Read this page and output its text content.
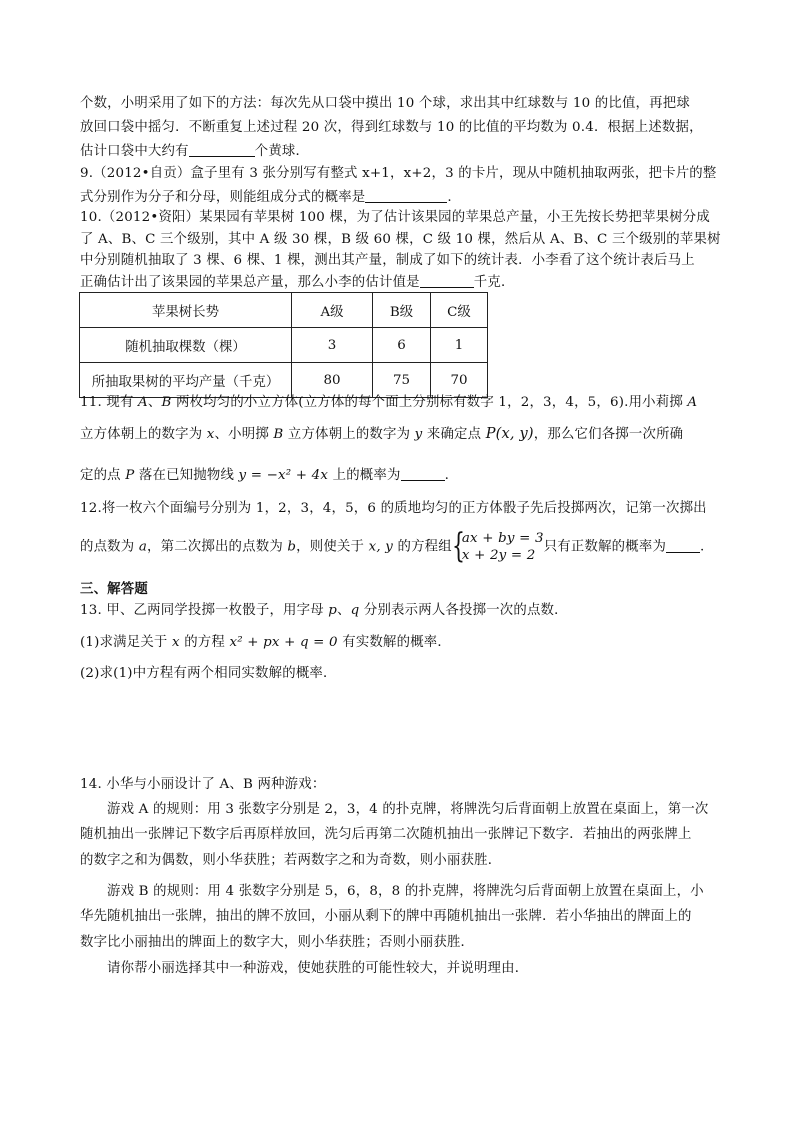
个数，小明采用了如下的方法：每次先从口袋中摸出 10 个球，求出其中红球数与 10 的比值，再把球
放回口袋中摇匀．不断重复上述过程 20 次，得到红球数与 10 的比值的平均数为 0.4．根据上述数据，
估计口袋中大约有	个黄球．
9.（2012•自贡）盒子里有 3 张分别写有整式 x+1，x+2，3 的卡片，现从中随机抽取两张，把卡片的整
式分别作为分子和分母，则能组成分式的概率是	.
10.（2012•资阳）某果园有苹果树 100 棵，为了估计该果园的苹果总产量，小王先按长势把苹果树分成
了 A、B、C 三个级别，其中 A 级 30 棵，B 级 60 棵，C 级 10 棵，然后从 A、B、C 三个级别的苹果树
中分别随机抽取了 3 棵、6 棵、1 棵，测出其产量，制成了如下的统计表．小李看了这个统计表后马上
苹果树长势	A级	B级	C级
随机抽取棵数（棵）	3	6	1
所抽取果树的平均产量（千克）	80	75	70
11. 现有 A、B 两枚均匀的小立方体(立方体的每个面上分别标有数字 1，2，3，4，5，6).用小莉掷 A
立方体朝上的数字为 x、小明掷 B 立方体朝上的数字为 y 来确定点 P(x, y)，那么它们各掷一次所确
定的点 P 落在已知抛物线 y = −x² + 4x 上的概率为	.
12.将一枚六个面编号分别为 1，2，3，4，5，6 的质地均匀的正方体骰子先后投掷两次，记第一次掷出
的点数为 a，第二次掷出的点数为 b，则使关于 x, y 的方程组 {
ax + by = 3
x + 2y = 2
只有正数解的概率为	.
三、解答题
13. 甲、乙两同学投掷一枚骰子，用字母 p、q 分别表示两人各投掷一次的点数．
(1)求满足关于 x 的方程 x² + px + q = 0 有实数解的概率．
(2)求(1)中方程有两个相同实数解的概率．
14. 小华与小丽设计了 A、B 两种游戏：
游戏 A 的规则：用 3 张数字分别是 2，3，4 的扑克牌，将牌洗匀后背面朝上放置在桌面上，第一次
随机抽出一张牌记下数字后再原样放回，洗匀后再第二次随机抽出一张牌记下数字．若抽出的两张牌上
的数字之和为偶数，则小华获胜；若两数字之和为奇数，则小丽获胜．
游戏 B 的规则：用 4 张数字分别是 5，6，8，8 的扑克牌，将牌洗匀后背面朝上放置在桌面上，小
华先随机抽出一张牌，抽出的牌不放回，小丽从剩下的牌中再随机抽出一张牌．若小华抽出的牌面上的
数字比小丽抽出的牌面上的数字大，则小华获胜；否则小丽获胜．
请你帮小丽选择其中一种游戏，使她获胜的可能性较大，并说明理由．
正确估计出了该果园的苹果总产量，那么小李的估计值是	千克．
